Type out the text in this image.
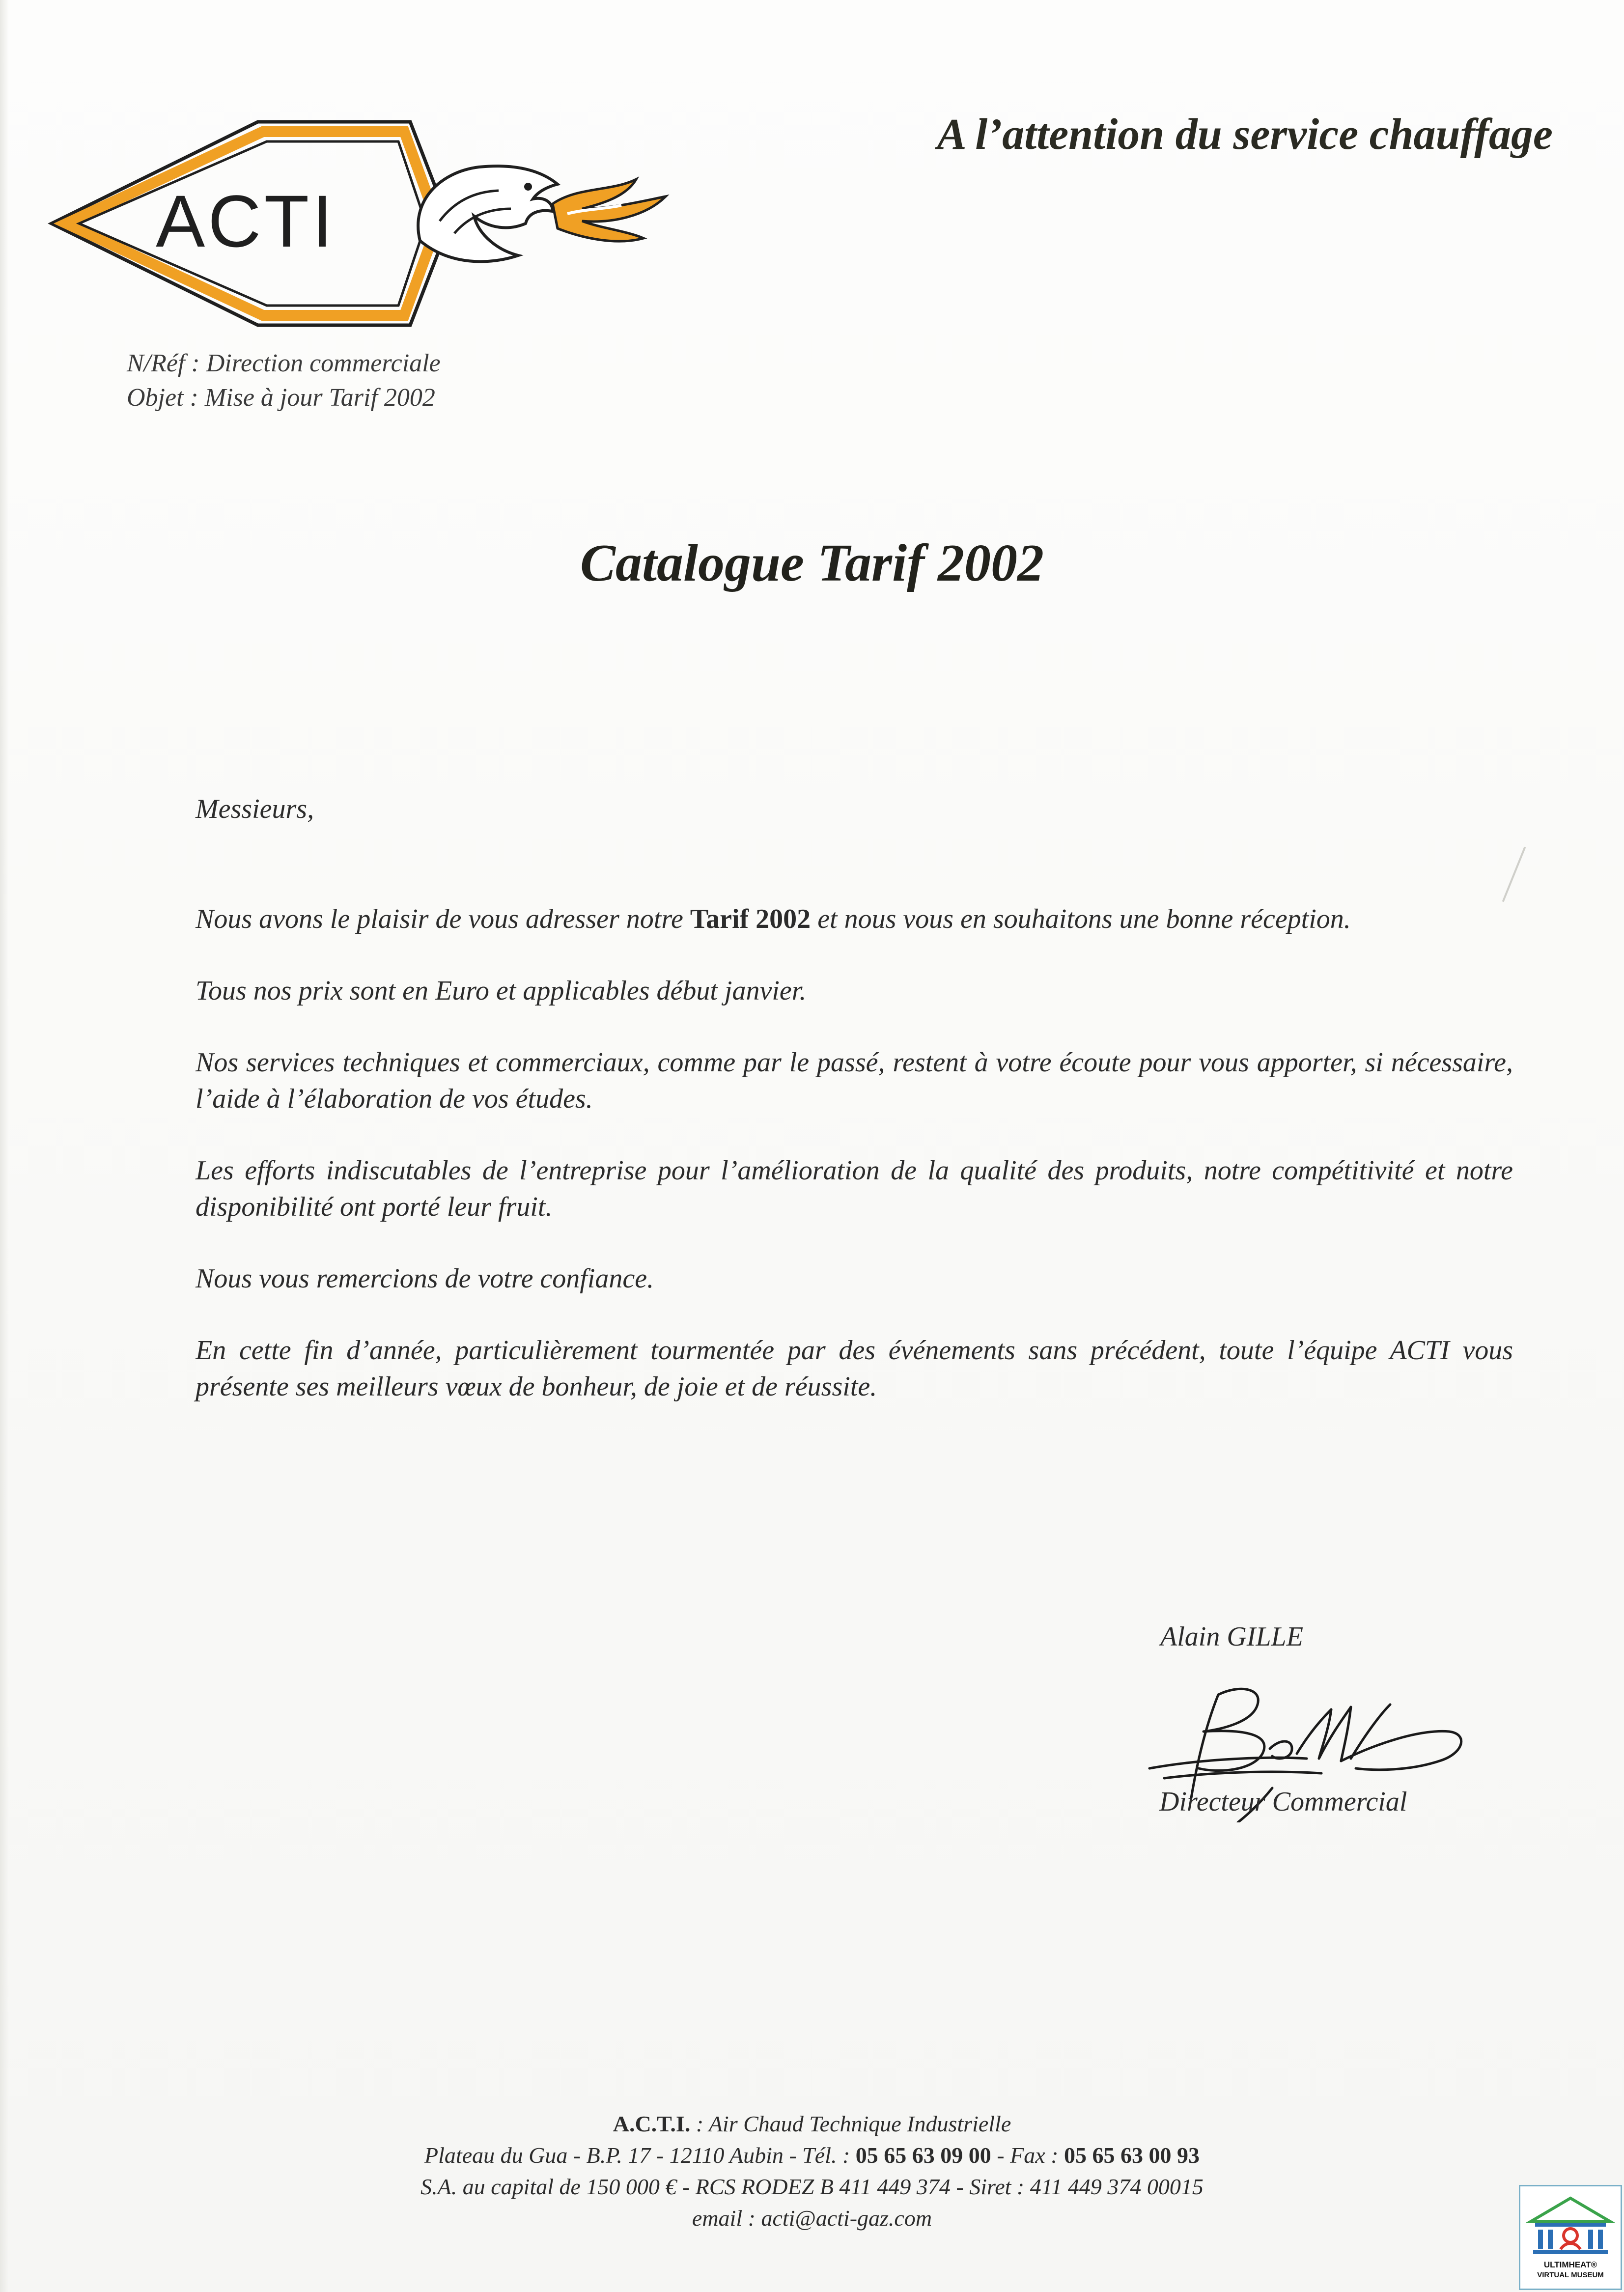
ACTI
A l’attention du service chauffage
N/Réf : Direction commerciale
Objet : Mise à jour Tarif 2002
Catalogue Tarif 2002

Messieurs,

Nous avons le plaisir de vous adresser notre Tarif 2002 et nous vous en souhaitons une bonne réception.

Tous nos prix sont en Euro et applicables début janvier.

Nos services techniques et commerciaux, comme par le passé, restent à votre écoute pour vous apporter, si nécessaire, l’aide à l’élaboration de vos études.

Les efforts indiscutables de l’entreprise pour l’amélioration de la qualité des produits, notre compétitivité et notre disponibilité ont porté leur fruit.

Nous vous remercions de votre confiance.

En cette fin d’année, particulièrement tourmentée par des événements sans précédent, toute l’équipe ACTI vous présente ses meilleurs vœux de bonheur, de joie et de réussite.

Alain GILLE
Directeur Commercial
A.C.T.I. : Air Chaud Technique Industrielle
Plateau du Gua - B.P. 17 - 12110 Aubin - Tél. : 05 65 63 09 00 - Fax : 05 65 63 00 93
S.A. au capital de 150 000 € - RCS RODEZ B 411 449 374 - Siret : 411 449 374 00015
email : acti@acti-gaz.com
ULTIMHEAT®
VIRTUAL MUSEUM
